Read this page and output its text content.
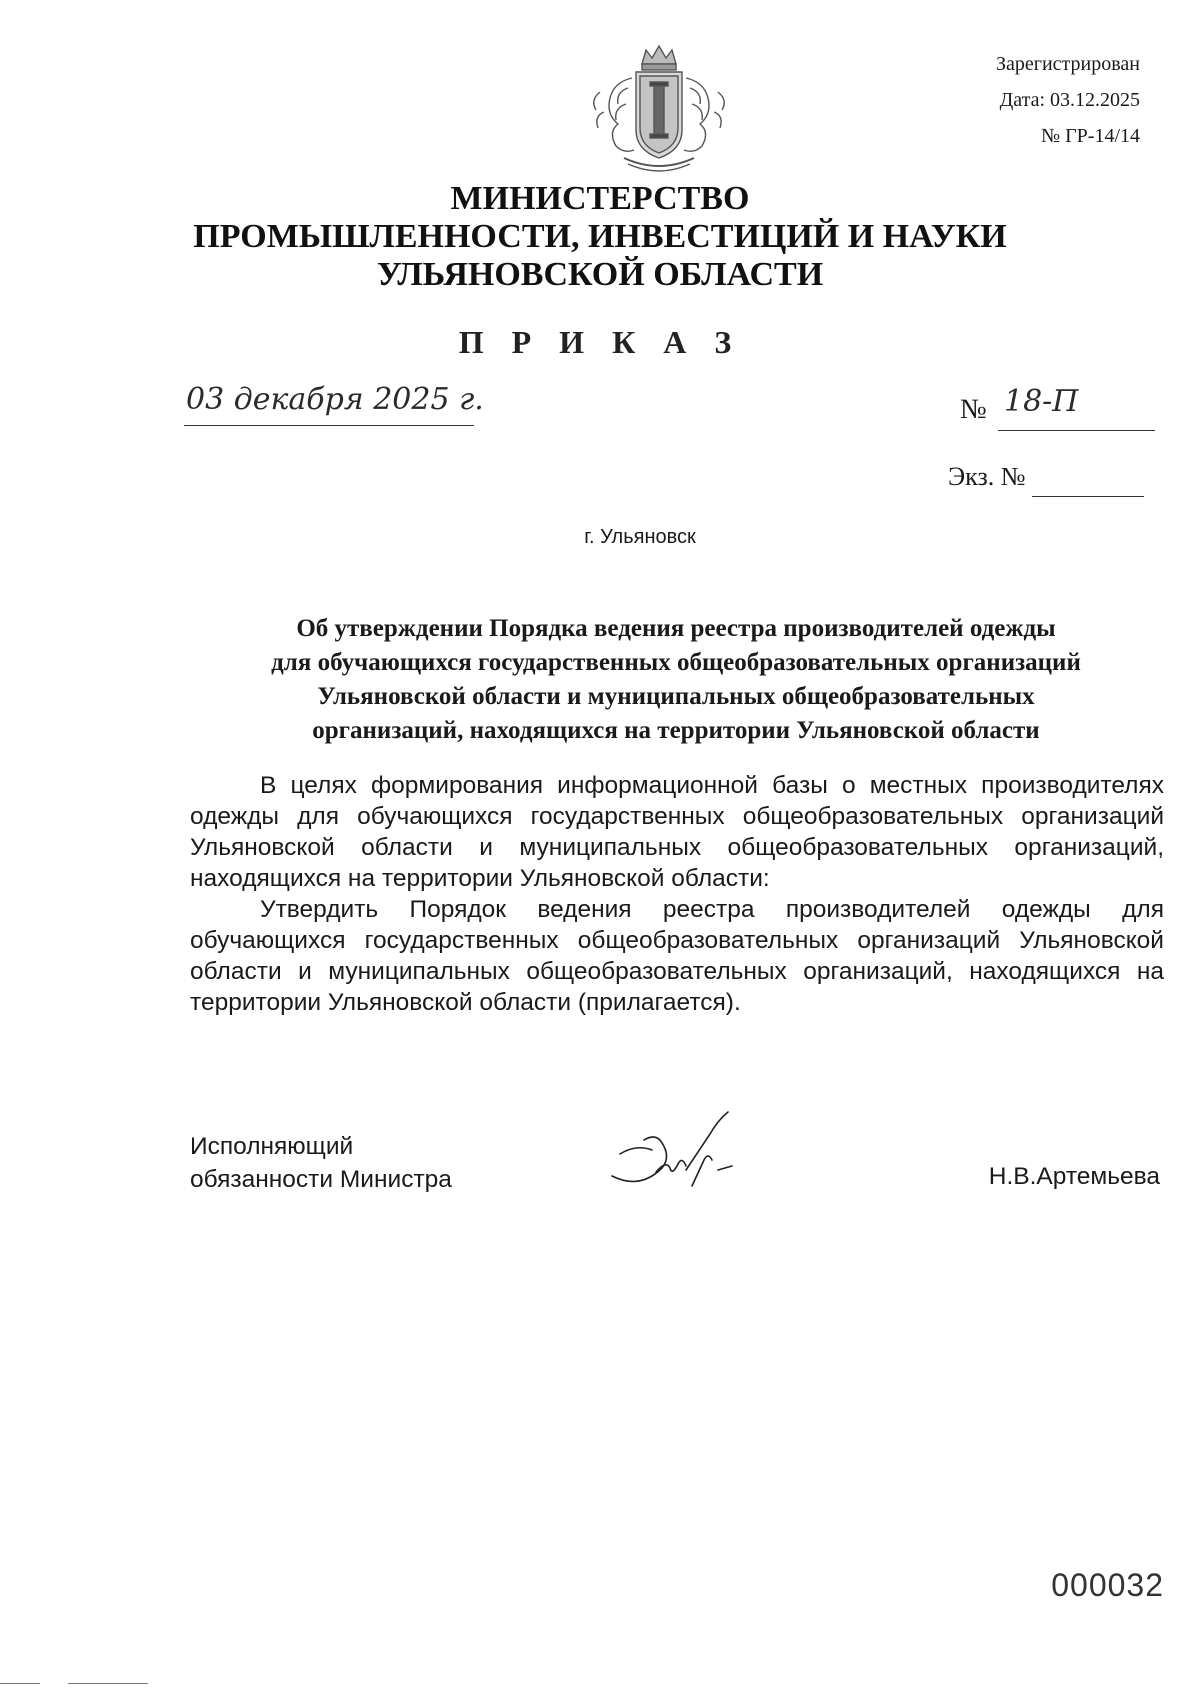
Зарегистрирован
Дата: 03.12.2025
№ ГР-14/14
МИНИСТЕРСТВО
ПРОМЫШЛЕННОСТИ, ИНВЕСТИЦИЙ И НАУКИ
УЛЬЯНОВСКОЙ ОБЛАСТИ
П Р И К А З
03 декабря 2025 г.	№ 18-П
Экз. №
г. Ульяновск
Об утверждении Порядка ведения реестра производителей одежды
для обучающихся государственных общеобразовательных организаций
Ульяновской области и муниципальных общеобразовательных
организаций, находящихся на территории Ульяновской области

В целях формирования информационной базы о местных производителях одежды для обучающихся государственных общеобразовательных организаций Ульяновской области и муниципальных общеобразовательных организаций, находящихся на территории Ульяновской области:

Утвердить Порядок ведения реестра производителей одежды для обучающихся государственных общеобразовательных организаций Ульяновской области и муниципальных общеобразовательных организаций, находящихся на территории Ульяновской области (прилагается).

Исполняющий
обязанности Министра	Н.В.Артемьева
000032
